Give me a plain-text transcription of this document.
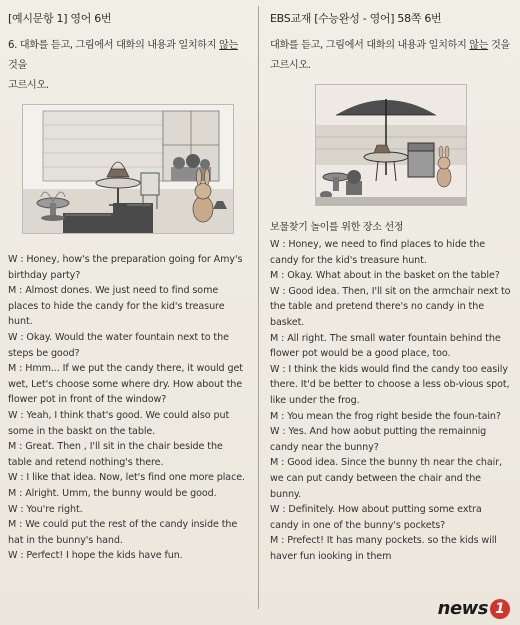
[예시문항 1] 영어 6번

6. 대화를 듣고, 그림에서 대화의 내용과 일치하지 않는 것을

고르시오.

W : Honey, how's the preparation going for Amy's birthday party?

M : Almost dones. We just need to find some places to hide the candy for the kid's treasure hunt.

W : Okay. Would the water fountain next to the steps be good?

M : Hmm... If we put the candy there, it would get wet, Let's choose some where dry. How about the flower pot in front of the window?

W : Yeah, I think that's good. We could also put some in the baskt on the table.

M : Great. Then , I'll sit in the chair beside the table and retend nothing's there.

W : I like that idea. Now, let's find one more place.

M : Alright. Umm, the bunny would be good.

W : You're right.

M : We could put the rest of the candy inside the hat in the bunny's hand.

W : Perfect! I hope the kids have fun.

EBS교재 [수능완성 - 영어] 58쪽 6번

대화를 듣고, 그림에서 대화의 내용과 일치하지 않는 것을

고르시오.

보물찾기 놀이를 위한 장소 선정

W : Honey, we need to find places to hide the candy for the kid's treasure hunt.

M : Okay. What about in the basket on the table?

W : Good idea. Then, I'll sit on the armchair next to the table and pretend there's no candy in the basket.

M : All right. The small water fountain behind the flower pot would be a good place, too.

W : I think the kids would find the candy too easily there. It'd be better to choose a less ob-vious spot, like under the frog.

M : You mean the frog right beside the foun-tain?

W : Yes. And how aobut putting the remainnig candy near the bunny?

M : Good idea. Since the bunny th near the chair, we can put candy between the chair and the bunny.

W : Definitely. How about putting some extra candy in one of the bunny's pockets?

M : Prefect! It has many pockets. so the kids will haver fun iooking in them

news 1
